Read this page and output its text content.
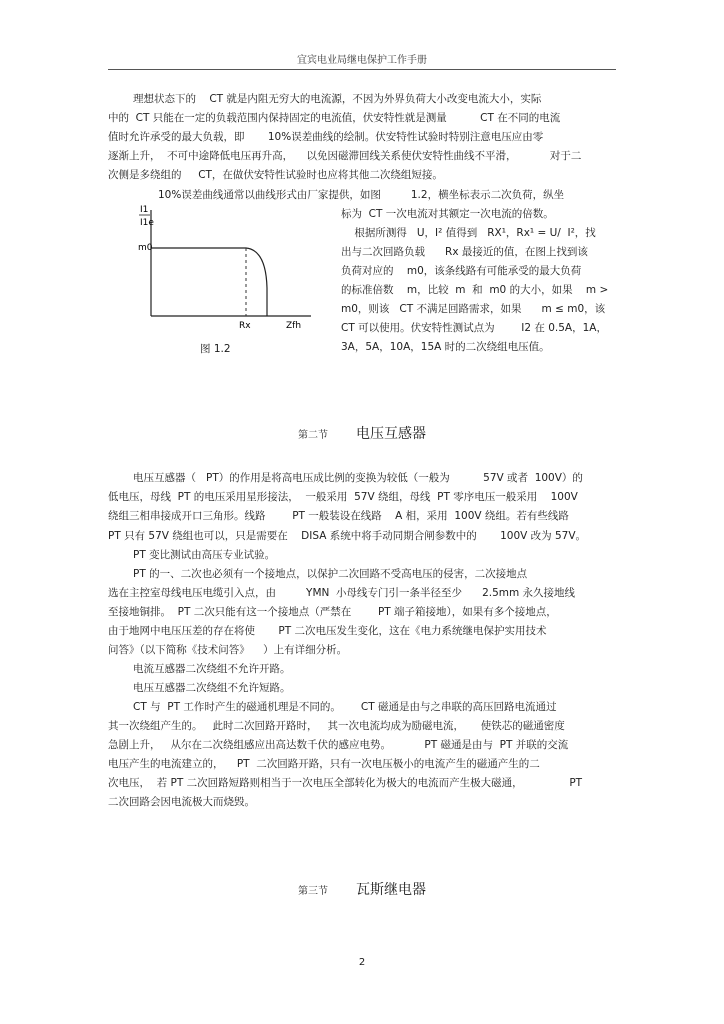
宜宾电业局继电保护工作手册
理想状态下的    CT 就是内阻无穷大的电流源，不因为外界负荷大小改变电流大小，实际
中的  CT 只能在一定的负载范围内保持固定的电流值，伏安特性就是测量          CT 在不同的电流
值时允许承受的最大负载，即       10%误差曲线的绘制。伏安特性试验时特别注意电压应由零
逐渐上升，  不可中途降低电压再升高，    以免因磁滞回线关系使伏安特性曲线不平滑，          对于二
次侧是多绕组的     CT，在做伏安特性试验时也应将其他二次绕组短接。
10%误差曲线通常以曲线形式由厂家提供，如图         1.2，横坐标表示二次负荷，纵坐
标为  CT 一次电流对其额定一次电流的倍数。
根据所测得   U，I² 值得到   RX¹，Rx¹ = U/  I²，找
出与二次回路负载      Rx 最接近的值，在图上找到该
负荷对应的    m0，该条线路有可能承受的最大负荷
的标准倍数    m，比较  m  和  m0 的大小，如果    m >
m0，则该   CT 不满足回路需求，如果      m ≤ m0，该
CT 可以使用。伏安特性测试点为        I2 在 0.5A，1A，
3A，5A，10A，15A 时的二次绕组电压值。
I1
I1e
m0
Rx	Zfh
图 1.2
第二节 电压互感器
电压互感器（   PT）的作用是将高电压成比例的变换为较低（一般为          57V 或者  100V）的
低电压，母线  PT 的电压采用星形接法，  一般采用  57V 绕组，母线  PT 零序电压一般采用    100V
绕组三相串接成开口三角形。线路        PT 一般装设在线路    A 相，采用  100V 绕组。若有些线路
PT 只有 57V 绕组也可以，只是需要在    DISA 系统中将手动同期合闸参数中的       100V 改为 57V。
PT 变比测试由高压专业试验。
PT 的一、二次也必须有一个接地点，以保护二次回路不受高电压的侵害，二次接地点
选在主控室母线电压电缆引入点，由         YMN  小母线专门引一条半径至少      2.5mm 永久接地线
至接地铜排。  PT 二次只能有这一个接地点（严禁在        PT 端子箱接地），如果有多个接地点，
由于地网中电压压差的存在将使       PT 二次电压发生变化，这在《电力系统继电保护实用技术
问答》（以下简称《技术问答》    ）上有详细分析。
电流互感器二次绕组不允许开路。
电压互感器二次绕组不允许短路。
CT 与  PT 工作时产生的磁通机理是不同的。      CT 磁通是由与之串联的高压回路电流通过
其一次绕组产生的。   此时二次回路开路时，   其一次电流均成为励磁电流，     使铁芯的磁通密度
急剧上升，   从尔在二次绕组感应出高达数千伏的感应电势。          PT 磁通是由与  PT 并联的交流
电压产生的电流建立的，    PT  二次回路开路，只有一次电压极小的电流产生的磁通产生的二
次电压，  若 PT 二次回路短路则相当于一次电压全部转化为极大的电流而产生极大磁通，              PT
二次回路会因电流极大而烧毁。
第三节 瓦斯继电器
2
